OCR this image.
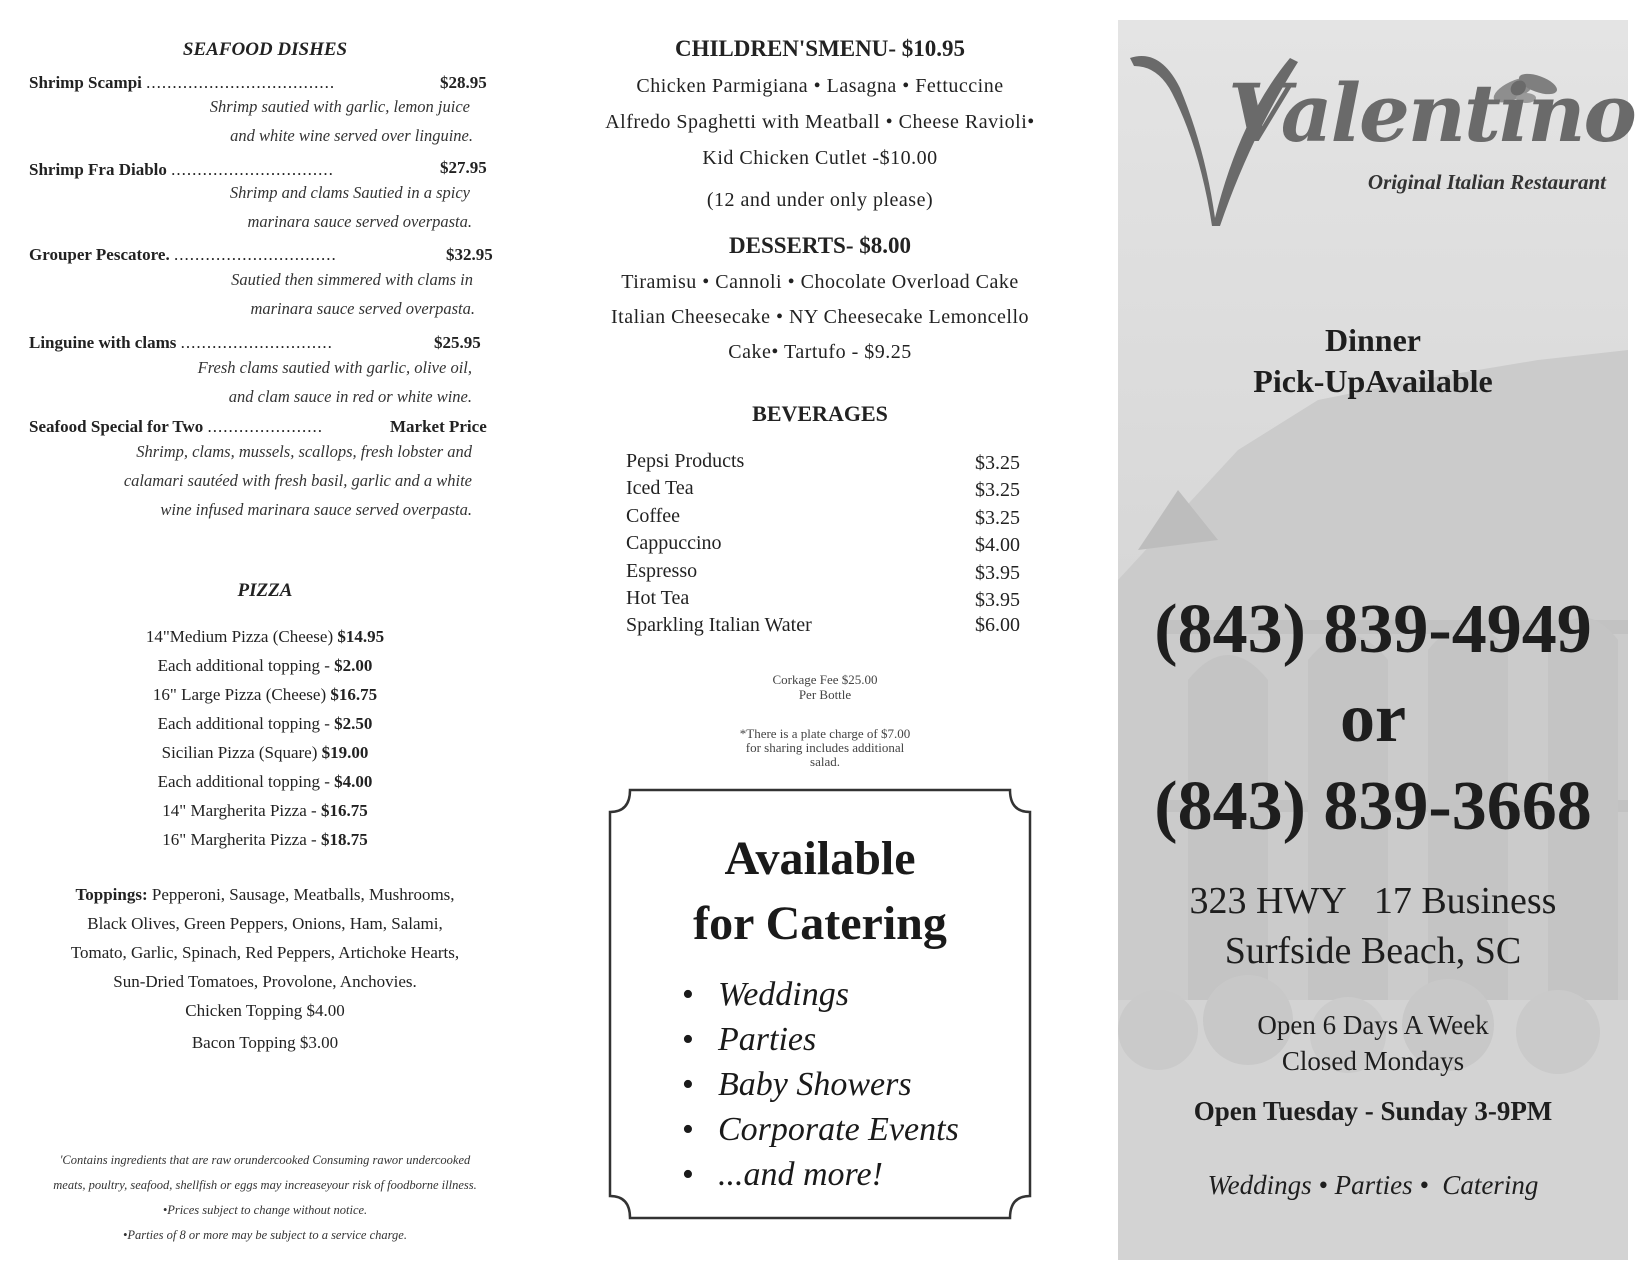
SEAFOOD DISHES
Shrimp Scampi ....................................	$28.95
Shrimp sautied with garlic, lemon juice
and white wine served over linguine.
Shrimp Fra Diablo ...............................	$27.95
Shrimp and clams Sautied in a spicy
marinara sauce served overpasta.
Grouper Pescatore. ...............................	$32.95
Sautied then simmered with clams in
marinara sauce served overpasta.
Linguine with clams .............................	$25.95
Fresh clams sautied with garlic, olive oil,
and clam sauce in red or white wine.
Seafood Special for Two ......................	Market Price
Shrimp, clams, mussels, scallops, fresh lobster and
calamari sautéed with fresh basil, garlic and a white
wine infused marinara sauce served overpasta.
PIZZA
14"Medium Pizza (Cheese) $14.95
Each additional topping - $2.00
16" Large Pizza (Cheese) $16.75
Each additional topping - $2.50
Sicilian Pizza (Square) $19.00
Each additional topping - $4.00
14" Margherita Pizza - $16.75
16" Margherita Pizza - $18.75
Toppings: Pepperoni, Sausage, Meatballs, Mushrooms,
Black Olives, Green Peppers, Onions, Ham, Salami,
Tomato, Garlic, Spinach, Red Peppers, Artichoke Hearts,
Sun-Dried Tomatoes, Provolone, Anchovies.
Chicken Topping $4.00
Bacon Topping $3.00
'Contains ingredients that are raw orundercooked Consuming rawor undercooked
meats, poultry, seafood, shellfish or eggs may increaseyour risk of foodborne illness.
•Prices subject to change without notice.
•Parties of 8 or more may be subject to a service charge.
CHILDREN'SMENU- $10.95
Chicken Parmigiana • Lasagna • Fettuccine
Alfredo Spaghetti with Meatball • Cheese Ravioli•
Kid Chicken Cutlet -$10.00
(12 and under only please)
DESSERTS- $8.00
Tiramisu • Cannoli • Chocolate Overload Cake
Italian Cheesecake • NY Cheesecake Lemoncello
Cake• Tartufo - $9.25
BEVERAGES
Pepsi Products	$3.25
Iced Tea	$3.25
Coffee	$3.25
Cappuccino	$4.00
Espresso	$3.95
Hot Tea	$3.95
Sparkling Italian Water	$6.00
Corkage Fee $25.00
Per Bottle
*There is a plate charge of $7.00
for sharing includes additional
salad.
Available
for Catering
• Weddings
• Parties
• Baby Showers
• Corporate Events
• ...and more!
Valentino
Original Italian Restaurant
Dinner
Pick-UpAvailable
(843) 839-4949
or
(843) 839-3668
323 HWY   17 Business
Surfside Beach, SC
Open 6 Days A Week
Closed Mondays
Open Tuesday - Sunday 3-9PM
Weddings • Parties •  Catering
